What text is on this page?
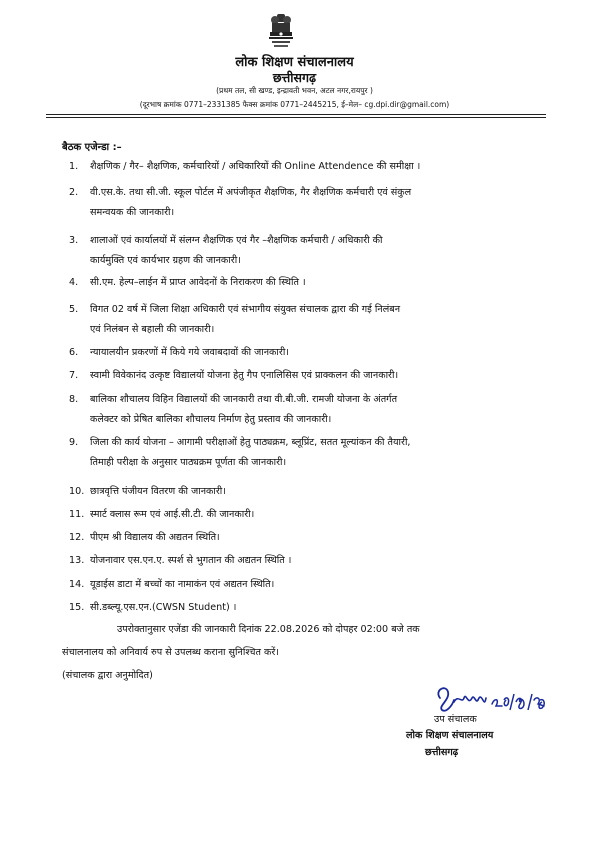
लोक शिक्षण संचालनालय
छत्तीसगढ़
(प्रथम तल, सी खण्ड, इन्द्रावती भवन, अटल नगर,रायपुर )
(दूरभाष क्रमांक 0771–2331385 फैक्स क्रमांक 0771–2445215, ई–मेल– cg.dpi.dir@gmail.com)
बैठक एजेन्डा :–
1. शैक्षणिक / गैर– शैक्षणिक, कर्मचारियों / अधिकारियों की Online Attendence की समीक्षा ।
2. वी.एस.के. तथा सी.जी. स्कूल पोर्टल में अपंजीकृत शैक्षणिक, गैर शैक्षणिक कर्मचारी एवं संकुल
समन्वयक की जानकारी।
3. शालाओं एवं कार्यालयों में संलग्न शैक्षणिक एवं गैर –शैक्षणिक कर्मचारी / अधिकारी की
कार्यमुक्ति एवं कार्यभार ग्रहण की जानकारी।
4. सी.एम. हेल्प–लाईन में प्राप्त आवेदनों के निराकरण की स्थिति ।
5. विगत 02 वर्ष में जिला शिक्षा अधिकारी एवं संभागीय संयुक्त संचालक द्वारा की गई निलंबन
एवं निलंबन से बहाली की जानकारी।
6. न्यायालयीन प्रकरणों में किये गये जवाबदावों की जानकारी।
7. स्वामी विवेकानंद उत्कृष्ट विद्यालयों योजना हेतु गैप एनालिसिस एवं प्राक्कलन की जानकारी।
8. बालिका शौचालय विहिन विद्यालयों की जानकारी तथा वी.बी.जी. रामजी योजना के अंतर्गत
कलेक्टर को प्रेषित बालिका शौचालय निर्माण हेतु प्रस्ताव की जानकारी।
9. जिला की कार्य योजना – आगामी परीक्षाओं हेतु पाठ्यक्रम, ब्लूप्रिंट, सतत मूल्यांकन की तैयारी,
तिमाही परीक्षा के अनुसार पाठ्यक्रम पूर्णता की जानकारी।
10. छात्रवृत्ति पंजीयन वितरण की जानकारी।
11. स्मार्ट क्लास रूम एवं आई.सी.टी. की जानकारी।
12. पीएम श्री विद्यालय की अद्यतन स्थिति।
13. योजनावार एस.एन.ए. स्पर्श से भुगतान की अद्यतन स्थिति ।
14. यूडाईस डाटा में बच्चों का नामाकंन एवं अद्यतन स्थिति।
15. सी.डब्ल्यू.एस.एन.(CWSN Student) ।
उपरोक्तानुसार एजेंडा की जानकारी दिनांक 22.08.2026 को दोपहर 02:00 बजे तक
संचालनालय को अनिवार्य रुप से उपलब्ध कराना सुनिश्चित करें।
(संचालक द्वारा अनुमोदित)
उप संचालक
लोक शिक्षण संचालनालय
छत्तीसगढ़
